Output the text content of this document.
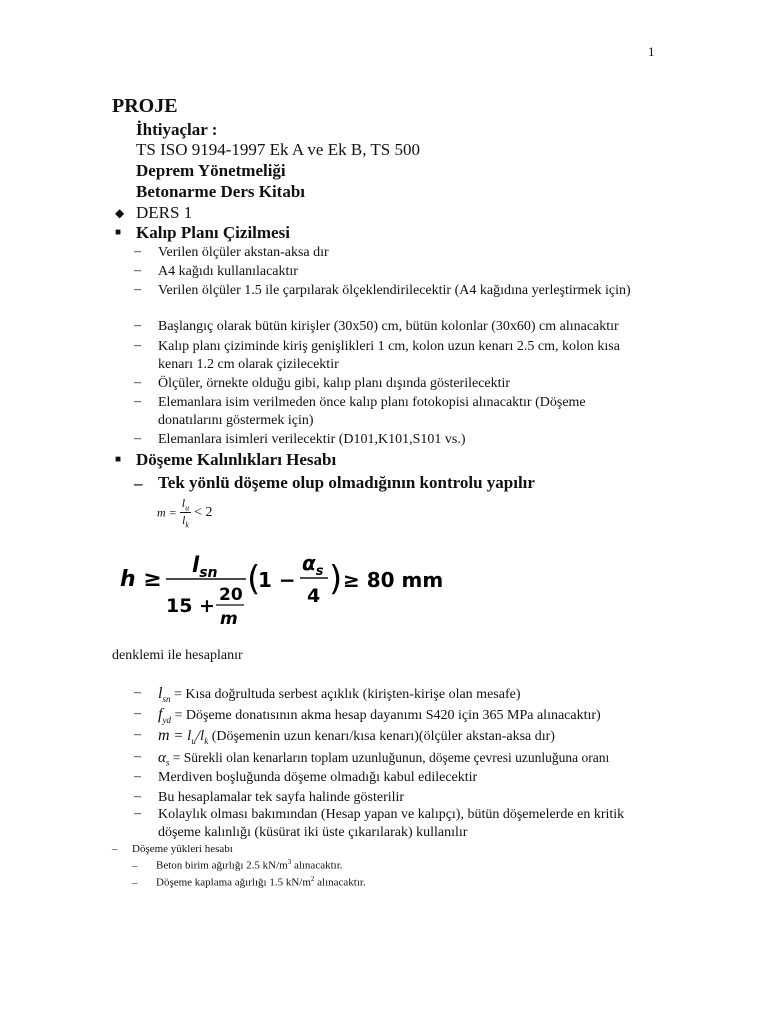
1
PROJE
İhtiyaçlar :
TS ISO 9194-1997 Ek A ve Ek B, TS 500
Deprem Yönetmeliği
Betonarme Ders Kitabı
◆ DERS 1
■ Kalıp Planı Çizilmesi
– Verilen ölçüler akstan-aksa dır
– A4 kağıdı kullanılacaktır
– Verilen ölçüler 1.5 ile çarpılarak ölçeklendirilecektir (A4 kağıdına yerleştirmek için)
– Başlangıç olarak bütün kirişler (30x50) cm, bütün kolonlar (30x60) cm alınacaktır
– Kalıp planı çiziminde kiriş genişlikleri 1 cm, kolon uzun kenarı 2.5 cm, kolon kısa kenarı 1.2 cm olarak çizilecektir
– Ölçüler, örnekte olduğu gibi, kalıp planı dışında gösterilecektir
– Elemanlara isim verilmeden önce kalıp planı fotokopisi alınacaktır (Döşeme donatılarını göstermek için)
– Elemanlara isimleri verilecektir (D101,K101,S101 vs.)
■ Döşeme Kalınlıkları Hesabı
– Tek yönlü döşeme olup olmadığının kontrolu yapılır
$m = \frac{l_u}{l_k} < 2$
h ≥
$l_{sn}$
15 + 20
m
(
1 −
$\alpha_s$
4 ) ≥ 80 mm
denklemi ile hesaplanır
– $l_{sn}$ = Kısa doğrultuda serbest açıklık (kirişten-kirişe olan mesafe)
– $f_{yd}$ = Döşeme donatısının akma hesap dayanımı S420 için 365 MPa alınacaktır)
– $m = l_u/l_k$ (Döşemenin uzun kenarı/kısa kenarı)(ölçüler akstan-aksa dır)
– $\alpha_s$ = Sürekli olan kenarların toplam uzunluğunun, döşeme çevresi uzunluğuna oranı
– Merdiven boşluğunda döşeme olmadığı kabul edilecektir
– Bu hesaplamalar tek sayfa halinde gösterilir
– Kolaylık olması bakımından (Hesap yapan ve kalıpçı), bütün döşemelerde en kritik döşeme kalınlığı (küsürat iki üste çıkarılarak) kullanılır
– Döşeme yükleri hesabı
– Beton birim ağırlığı 2.5 $kN/m^3$ alınacaktır.
– Döşeme kaplama ağırlığı 1.5 $kN/m^2$ alınacaktır.
